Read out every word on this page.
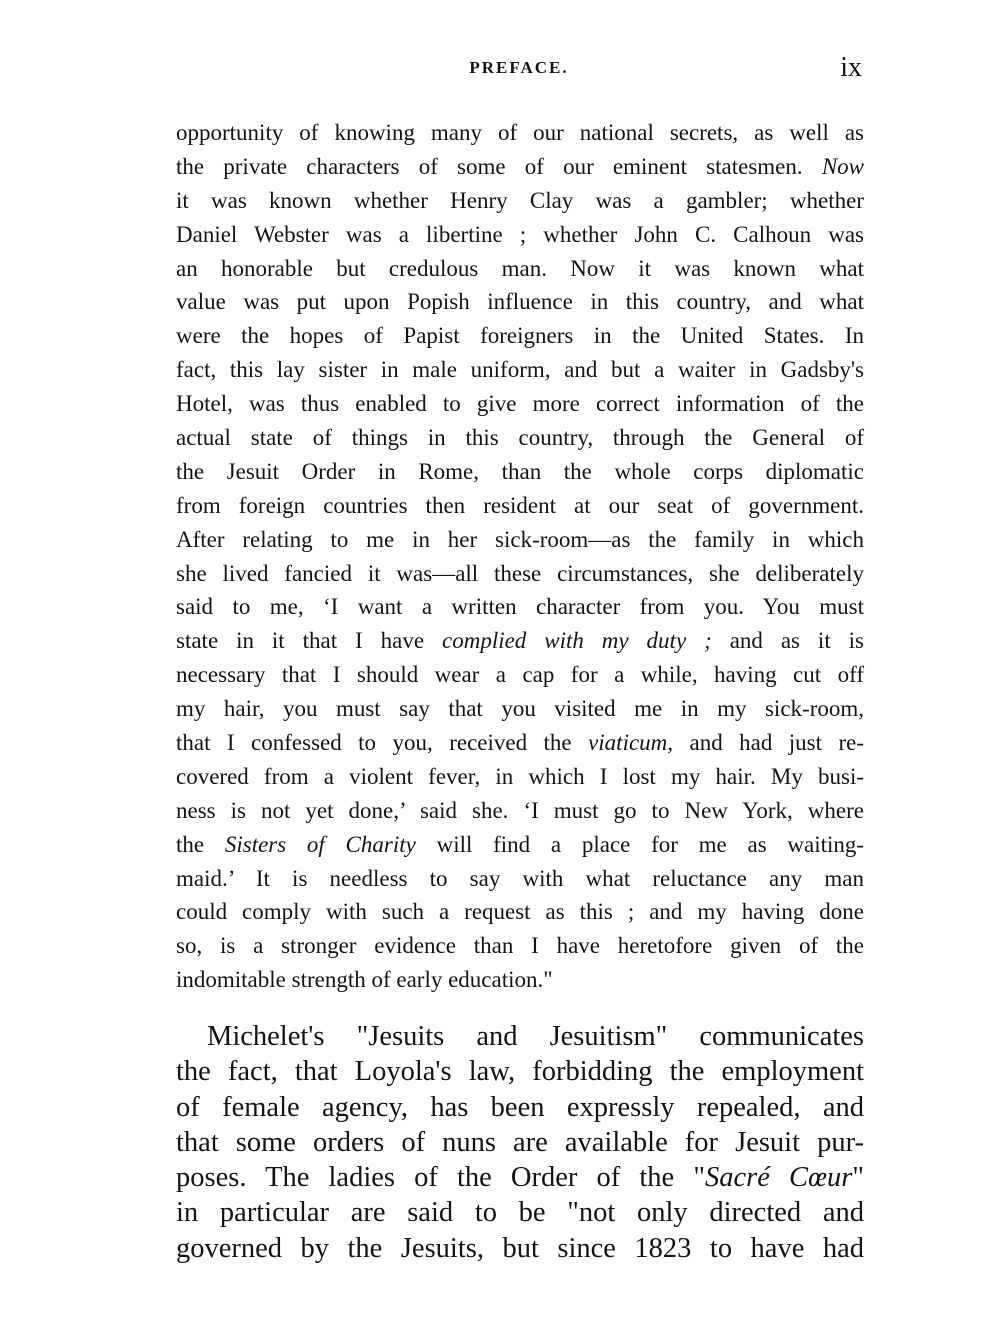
PREFACE.	ix
opportunity of knowing many of our national secrets, as well as
the private characters of some of our eminent statesmen. Now
it was known whether Henry Clay was a gambler; whether
Daniel Webster was a libertine ; whether John C. Calhoun was
an honorable but credulous man. Now it was known what
value was put upon Popish influence in this country, and what
were the hopes of Papist foreigners in the United States. In
fact, this lay sister in male uniform, and but a waiter in Gadsby's
Hotel, was thus enabled to give more correct information of the
actual state of things in this country, through the General of
the Jesuit Order in Rome, than the whole corps diplomatic
from foreign countries then resident at our seat of government.
After relating to me in her sick-room—as the family in which
she lived fancied it was—all these circumstances, she deliberately
said to me, ‘I want a written character from you. You must
state in it that I have complied with my duty ; and as it is
necessary that I should wear a cap for a while, having cut off
my hair, you must say that you visited me in my sick-room,
that I confessed to you, received the viaticum, and had just re-
covered from a violent fever, in which I lost my hair. My busi-
ness is not yet done,’ said she. ‘I must go to New York, where
the Sisters of Charity will find a place for me as waiting-
maid.’ It is needless to say with what reluctance any man
could comply with such a request as this ; and my having done
so, is a stronger evidence than I have heretofore given of the
indomitable strength of early education."
Michelet's "Jesuits and Jesuitism" communicates
the fact, that Loyola's law, forbidding the employment
of female agency, has been expressly repealed, and
that some orders of nuns are available for Jesuit pur-
poses. The ladies of the Order of the "Sacré Cœur"
in particular are said to be "not only directed and
governed by the Jesuits, but since 1823 to have had
